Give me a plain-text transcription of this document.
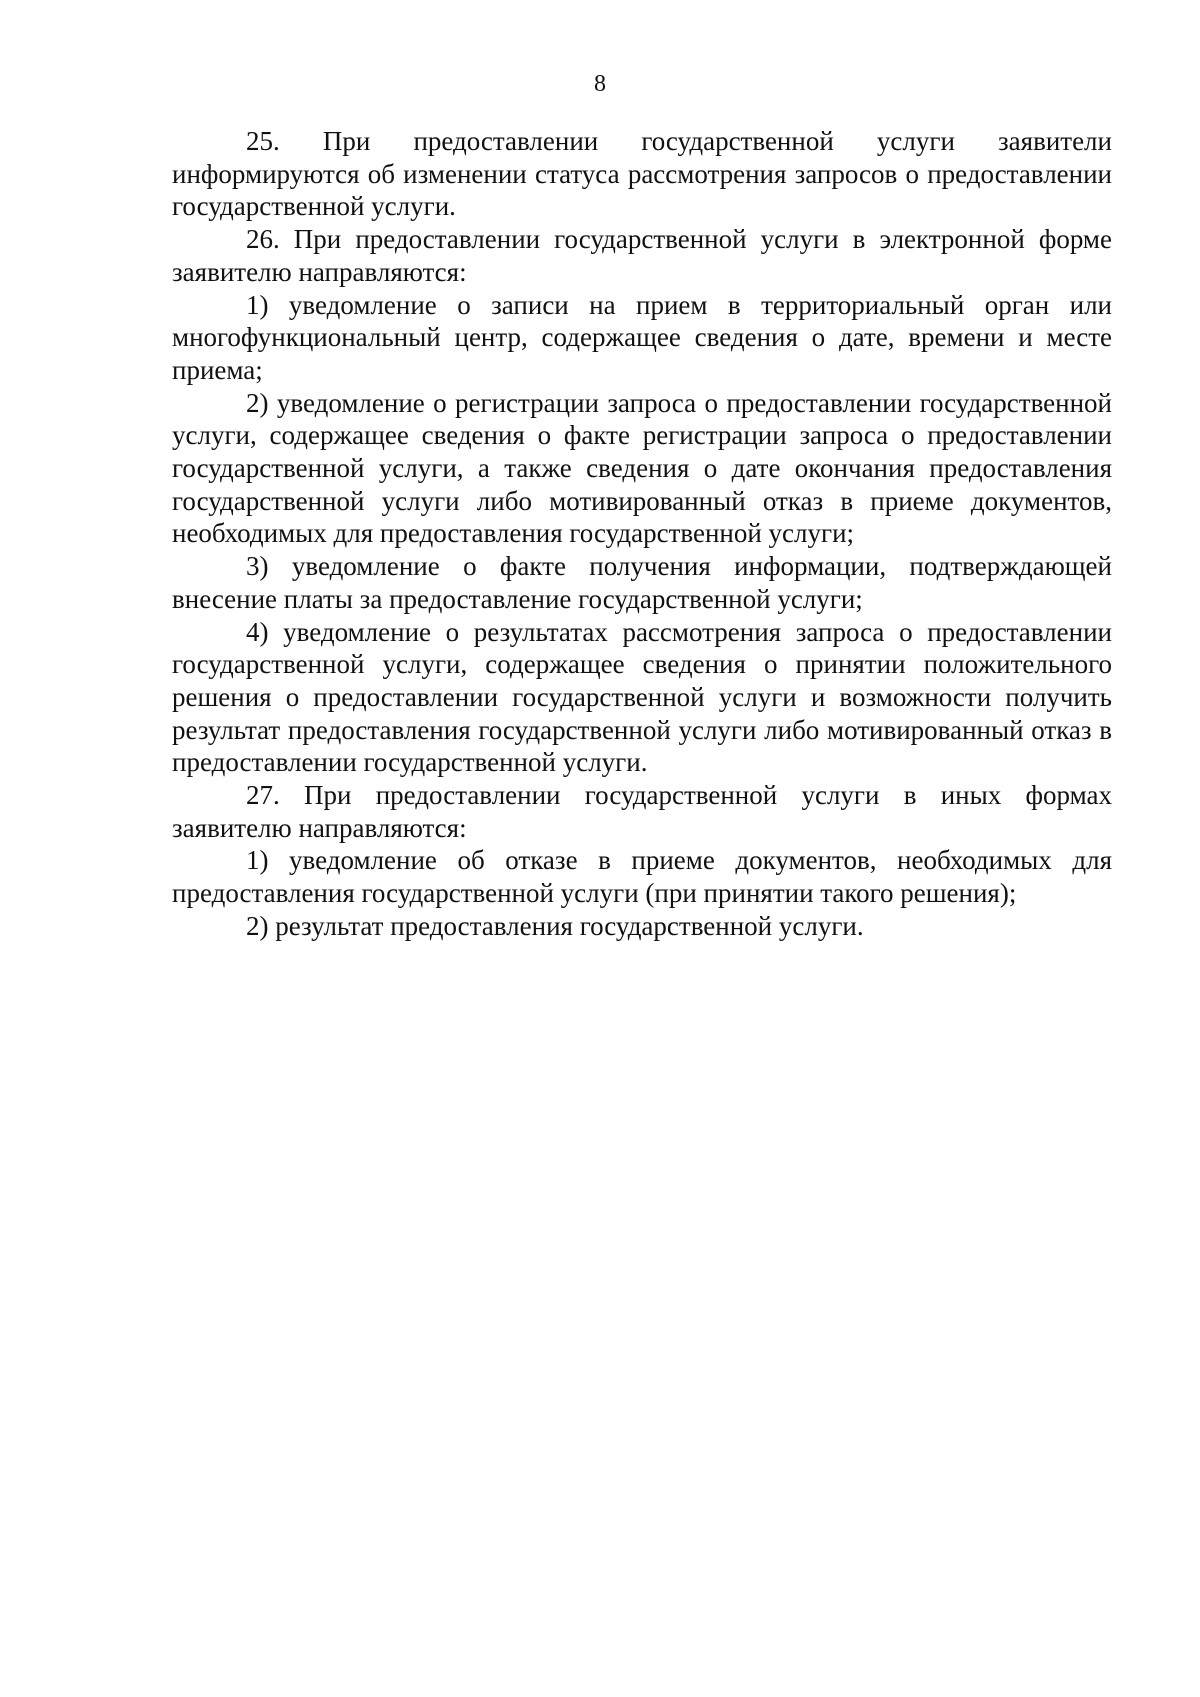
8

25. При предоставлении государственной услуги заявители информируются об изменении статуса рассмотрения запросов о предоставлении государственной услуги.

26. При предоставлении государственной услуги в электронной форме заявителю направляются:

1) уведомление о записи на прием в территориальный орган или многофункциональный центр, содержащее сведения о дате, времени и месте приема;

2) уведомление о регистрации запроса о предоставлении государственной услуги, содержащее сведения о факте регистрации запроса о предоставлении государственной услуги, а также сведения о дате окончания предоставления государственной услуги либо мотивированный отказ в приеме документов, необходимых для предоставления государственной услуги;

3) уведомление о факте получения информации, подтверждающей внесение платы за предоставление государственной услуги;

4) уведомление о результатах рассмотрения запроса о предоставлении государственной услуги, содержащее сведения о принятии положительного решения о предоставлении государственной услуги и возможности получить результат предоставления государственной услуги либо мотивированный отказ в предоставлении государственной услуги.

27. При предоставлении государственной услуги в иных формах заявителю направляются:

1) уведомление об отказе в приеме документов, необходимых для предоставления государственной услуги (при принятии такого решения);

2) результат предоставления государственной услуги.
